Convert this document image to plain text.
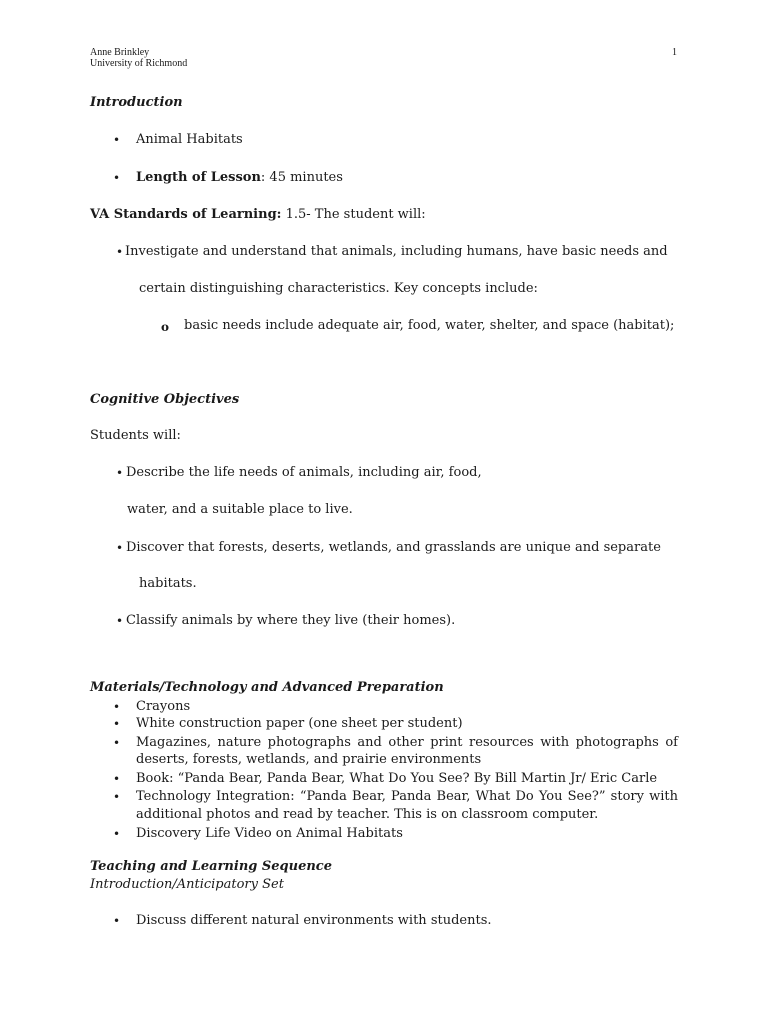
Anne Brinkley
University of Richmond
1
Introduction
• Animal Habitats
• Length of Lesson: 45 minutes
VA Standards of Learning: 1.5- The student will:
• Investigate and understand that animals, including humans, have basic needs and
certain distinguishing characteristics. Key concepts include:
o basic needs include adequate air, food, water, shelter, and space (habitat);
Cognitive Objectives
Students will:
• Describe the life needs of animals, including air, food,
water, and a suitable place to live.
• Discover that forests, deserts, wetlands, and grasslands are unique and separate
habitats.
• Classify animals by where they live (their homes).
Materials/Technology and Advanced Preparation
• Crayons
• White construction paper (one sheet per student)
• Magazines, nature photographs and other print resources with photographs of
deserts, forests, wetlands, and prairie environments
• Book: “Panda Bear, Panda Bear, What Do You See? By Bill Martin Jr/ Eric Carle
• Technology Integration: “Panda Bear, Panda Bear, What Do You See?” story with
additional photos and read by teacher. This is on classroom computer.
• Discovery Life Video on Animal Habitats
Teaching and Learning Sequence
Introduction/Anticipatory Set
• Discuss different natural environments with students.
